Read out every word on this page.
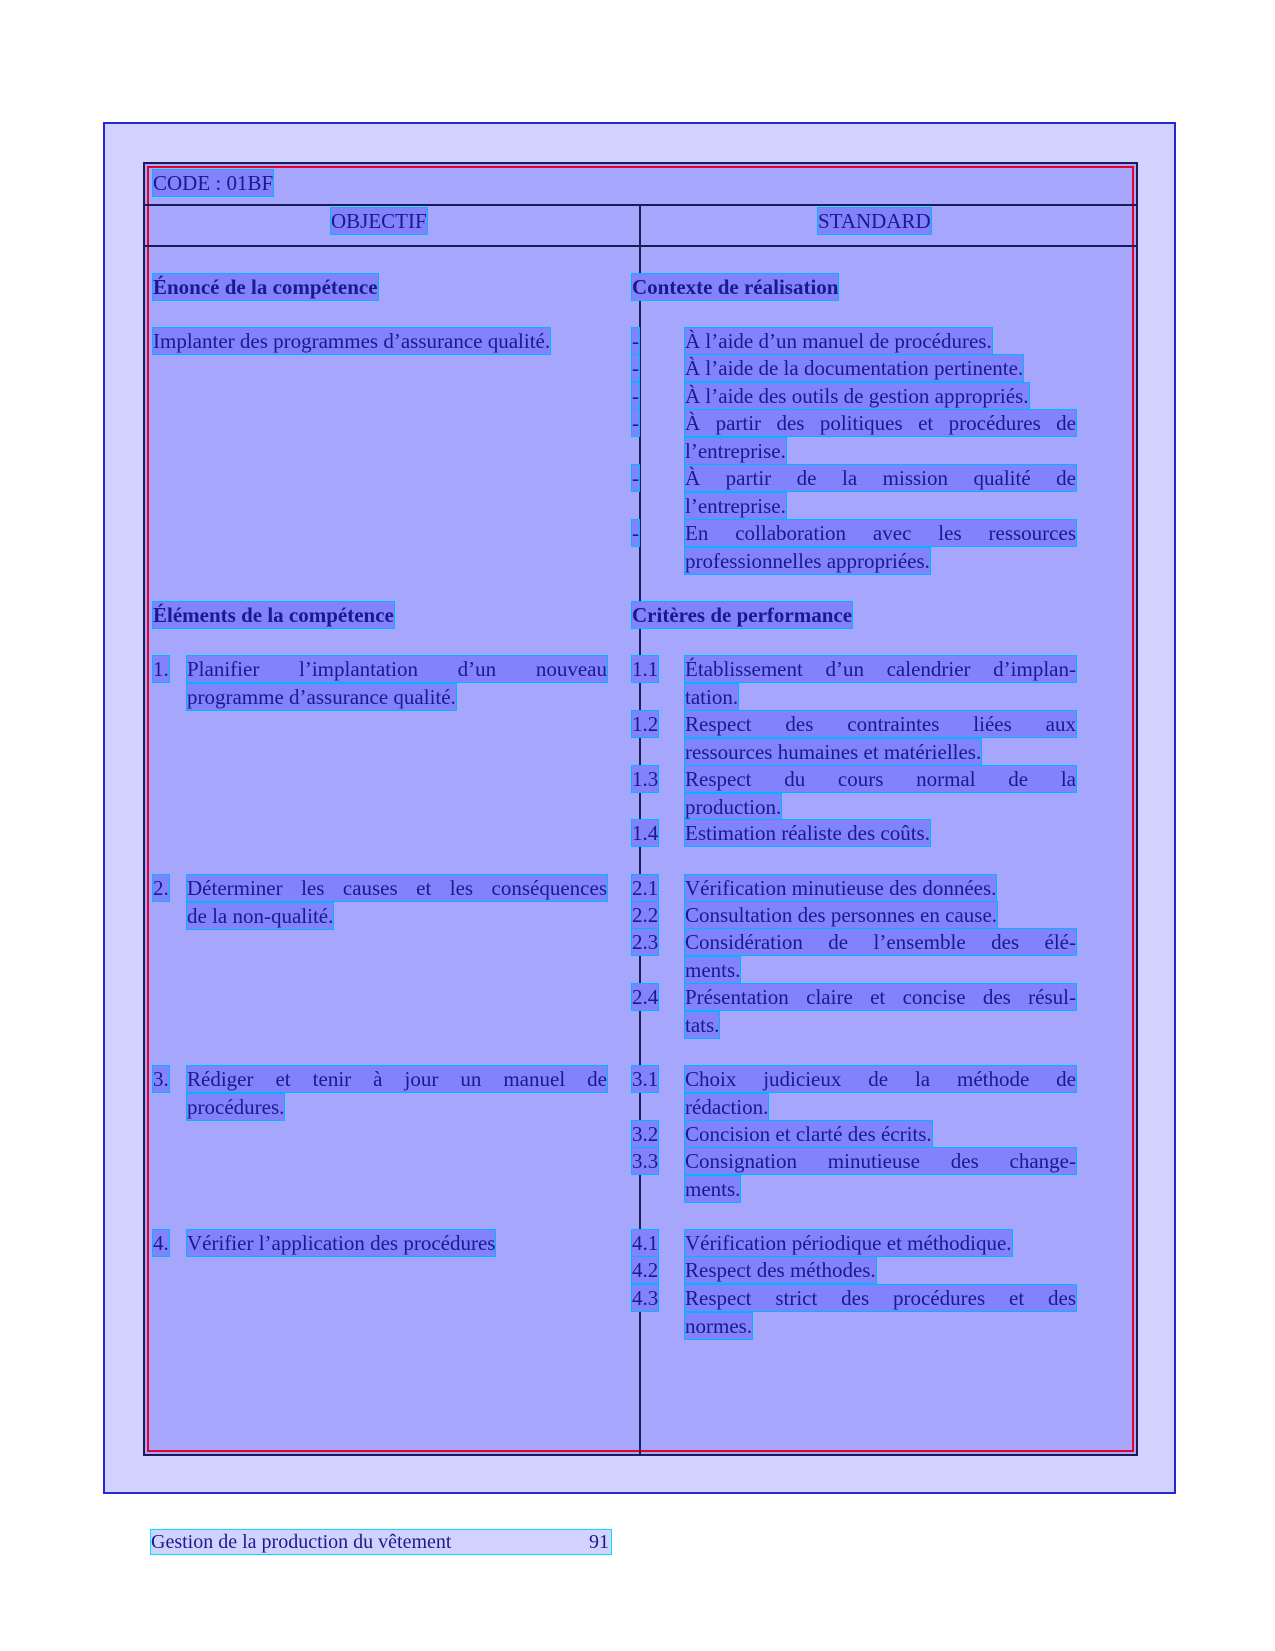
CODE : 01BF
OBJECTIF	STANDARD
Énoncé de la compétence
Implanter des programmes d’assurance qualité.
Éléments de la compétence
1. Planifier l’implantation d’un nouveau
programme d’assurance qualité.
2. Déterminer les causes et les conséquences
de la non-qualité.
3. Rédiger et tenir à jour un manuel de
procédures.
4. Vérifier l’application des procédures
Contexte de réalisation
- À l’aide d’un manuel de procédures.
- À l’aide de la documentation pertinente.
- À l’aide des outils de gestion appropriés.
- À partir des politiques et procédures de
l’entreprise.
- À partir de la mission qualité de
l’entreprise.
- En collaboration avec les ressources
professionnelles appropriées.
Critères de performance
1.1 Établissement d’un calendrier d’implan-
tation.
1.2 Respect des contraintes liées aux
ressources humaines et matérielles.
1.3 Respect du cours normal de la
production.
1.4 Estimation réaliste des coûts.
2.1 Vérification minutieuse des données.
2.2 Consultation des personnes en cause.
2.3 Considération de l’ensemble des élé-
ments.
2.4 Présentation claire et concise des résul-
tats.
3.1 Choix judicieux de la méthode de
rédaction.
3.2 Concision et clarté des écrits.
3.3 Consignation minutieuse des change-
ments.
4.1 Vérification périodique et méthodique.
4.2 Respect des méthodes.
4.3 Respect strict des procédures et des
normes.
Gestion de la production du vêtement	91
